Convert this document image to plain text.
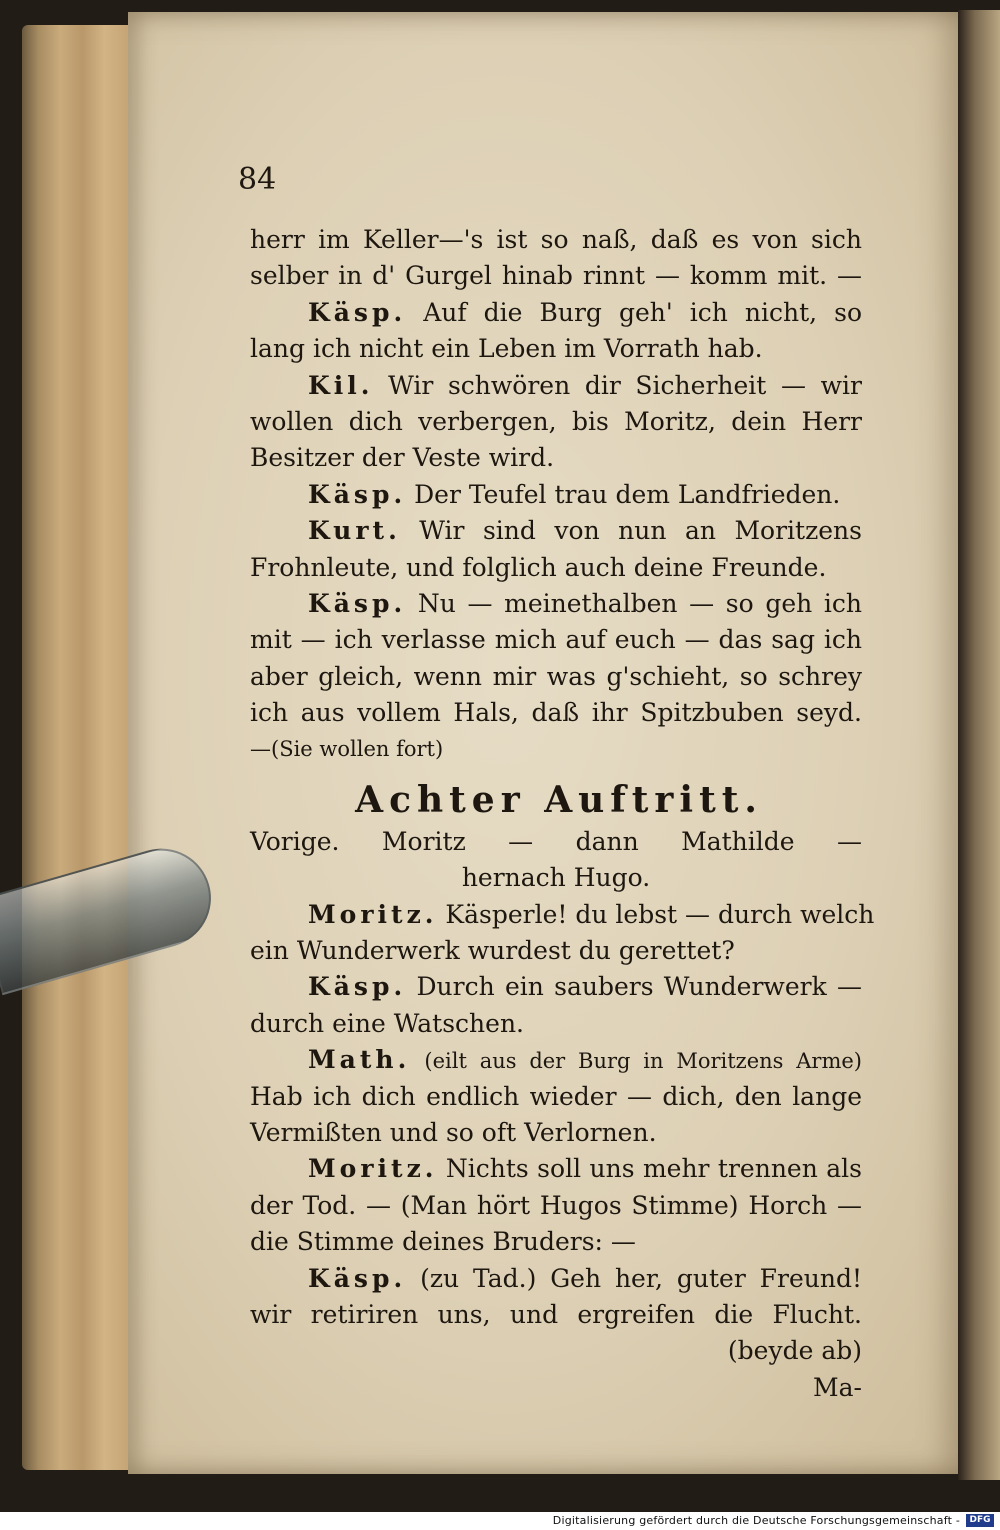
84
herr im Keller—'s ist so naß, daß es von sich
selber in d' Gurgel hinab rinnt — komm mit. —
Käsp. Auf die Burg geh' ich nicht, so
lang ich nicht ein Leben im Vorrath hab.
Kil. Wir schwören dir Sicherheit — wir
wollen dich verbergen, bis Moritz, dein Herr
Besitzer der Veste wird.
Käsp. Der Teufel trau dem Landfrieden.
Kurt. Wir sind von nun an Moritzens
Frohnleute, und folglich auch deine Freunde.
Käsp. Nu — meinethalben — so geh ich
mit — ich verlasse mich auf euch — das sag ich
aber gleich, wenn mir was g'schieht, so schrey
ich aus vollem Hals, daß ihr Spitzbuben seyd.
—(Sie wollen fort)
Achter Auftritt.
Vorige. Moritz — dann Mathilde —
hernach Hugo.
Moritz. Käsperle! du lebst — durch welch
ein Wunderwerk wurdest du gerettet?
Käsp. Durch ein saubers Wunderwerk —
durch eine Watschen.
Math. (eilt aus der Burg in Moritzens Arme)
Hab ich dich endlich wieder — dich, den lange
Vermißten und so oft Verlornen.
Moritz. Nichts soll uns mehr trennen als
der Tod. — (Man hört Hugos Stimme) Horch —
die Stimme deines Bruders: —
Käsp. (zu Tad.) Geh her, guter Freund!
wir retiriren uns, und ergreifen die Flucht.
(beyde ab)
Ma-
Digitalisierung gefördert durch die Deutsche Forschungsgemeinschaft -	DFG
